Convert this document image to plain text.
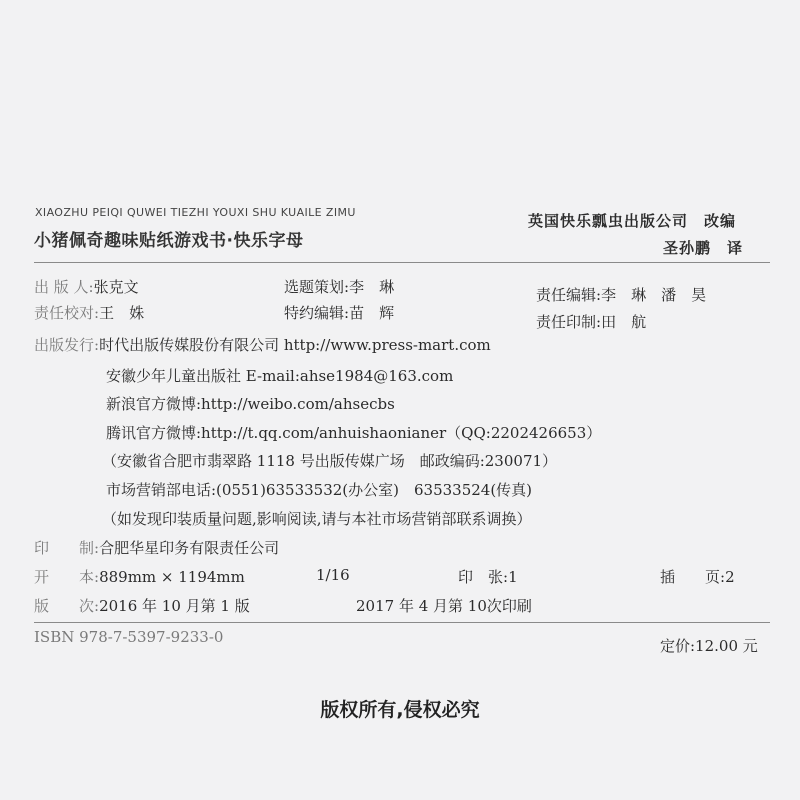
XIAOZHU PEIQI QUWEI TIEZHI YOUXI SHU KUAILE ZIMU
小猪佩奇趣味贴纸游戏书·快乐字母
英国快乐瓢虫出版公司　改编
圣孙鹏　译
出 版 人:张克文	选题策划:李　琳	责任编辑:李　琳　潘　昊
责任校对:王　姝	特约编辑:苗　辉	责任印制:田　航
出版发行:时代出版传媒股份有限公司 http://www.press-mart.com
安徽少年儿童出版社 E-mail:ahse1984@163.com
新浪官方微博:http://weibo.com/ahsecbs
腾讯官方微博:http://t.qq.com/anhuishaonianer（QQ:2202426653）
（安徽省合肥市翡翠路 1118 号出版传媒广场　邮政编码:230071）
市场营销部电话:(0551)63533532(办公室)　63533524(传真)
（如发现印装质量问题,影响阅读,请与本社市场营销部联系调换）
印　　制:合肥华星印务有限责任公司
开　　本:889mm × 1194mm	1/16	印　张:1	插　　页:2
版　　次:2016 年 10 月第 1 版	2017 年 4 月第 10次印刷
ISBN 978-7-5397-9233-0	定价:12.00 元
版权所有,侵权必究
